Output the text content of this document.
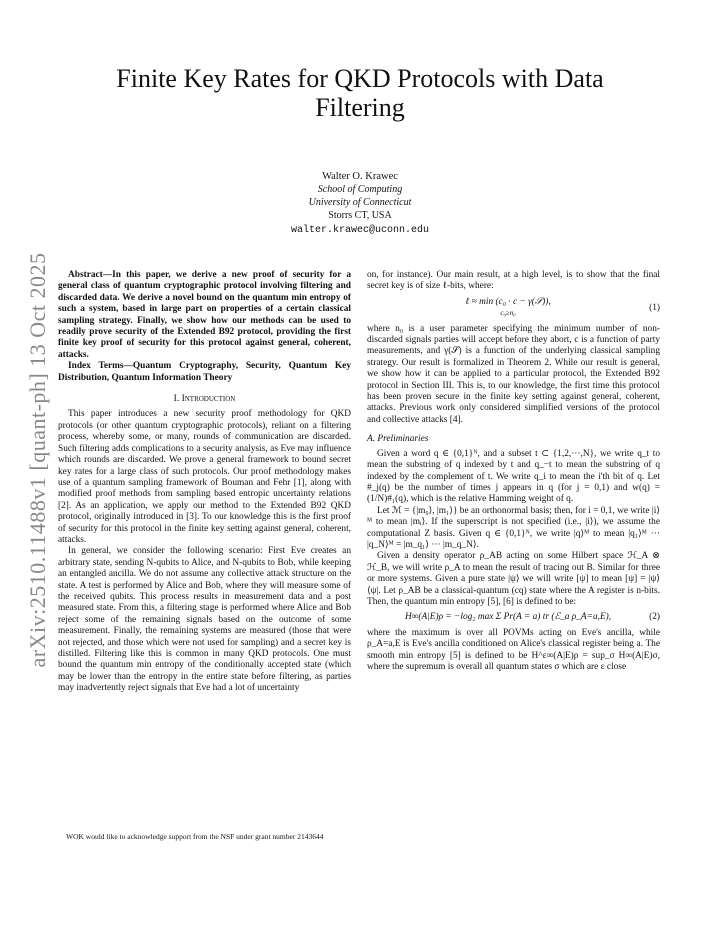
arXiv:2510.11488v1 [quant-ph] 13 Oct 2025
Finite Key Rates for QKD Protocols with Data Filtering
Walter O. Krawec
School of Computing
University of Connecticut
Storrs CT, USA
walter.krawec@uconn.edu

Abstract—In this paper, we derive a new proof of security for a general class of quantum cryptographic protocol involving filtering and discarded data. We derive a novel bound on the quantum min entropy of such a system, based in large part on properties of a certain classical sampling strategy. Finally, we show how our methods can be used to readily prove security of the Extended B92 protocol, providing the first finite key proof of security for this protocol against general, coherent, attacks.

Index Terms—Quantum Cryptography, Security, Quantum Key Distribution, Quantum Information Theory

I. Introduction

This paper introduces a new security proof methodology for QKD protocols (or other quantum cryptographic protocols), reliant on a filtering process, whereby some, or many, rounds of communication are discarded. Such filtering adds complications to a security analysis, as Eve may influence which rounds are discarded. We prove a general framework to bound secret key rates for a large class of such protocols. Our proof methodology makes use of a quantum sampling framework of Bouman and Fehr [1], along with modified proof methods from sampling based entropic uncertainty relations [2]. As an application, we apply our method to the Extended B92 QKD protocol, originally introduced in [3]. To our knowledge this is the first proof of security for this protocol in the finite key setting against general, coherent, attacks.

In general, we consider the following scenario: First Eve creates an arbitrary state, sending N-qubits to Alice, and N-qubits to Bob, while keeping an entangled ancilla. We do not assume any collective attack structure on the state. A test is performed by Alice and Bob, where they will measure some of the received qubits. This process results in measurement data and a post measured state. From this, a filtering stage is performed where Alice and Bob reject some of the remaining signals based on the outcome of some measurement. Finally, the remaining systems are measured (those that were not rejected, and those which were not used for sampling) and a secret key is distilled. Filtering like this is common in many QKD protocols. One must bound the quantum min entropy of the conditionally accepted state (which may be lower than the entropy in the entire state before filtering, as parties may inadvertently reject signals that Eve had a lot of uncertainty

WOK would like to acknowledge support from the NSF under grant number 2143644

on, for instance). Our main result, at a high level, is to show that the final secret key is of size ℓ-bits, where:

ℓ ≈ min (c₀ · c − γ(𝒮)),
c₀≥n₀
(1)

where n₀ is a user parameter specifying the minimum number of non-discarded signals parties will accept before they abort, c is a function of party measurements, and γ(𝒮) is a function of the underlying classical sampling strategy. Our result is formalized in Theorem 2. While our result is general, we show how it can be applied to a particular protocol, the Extended B92 protocol in Section III. This is, to our knowledge, the first time this protocol has been proven secure in the finite key setting against general, coherent, attacks. Previous work only considered simplified versions of the protocol and collective attacks [4].

A. Preliminaries

Given a word q ∈ {0,1}ᴺ, and a subset t ⊂ {1,2,···,N}, we write q_t to mean the substring of q indexed by t and q_−t to mean the substring of q indexed by the complement of t. We write q_i to mean the i'th bit of q. Let #_j(q) be the number of times j appears in q (for j = 0,1) and w(q) = (1/N)#₁(q), which is the relative Hamming weight of q.

Let ℳ = {|m₀⟩, |m₁⟩} be an orthonormal basis; then, for i = 0,1, we write |i⟩ᴹ to mean |mᵢ⟩. If the superscript is not specified (i.e., |i⟩), we assume the computational Z basis. Given q ∈ {0,1}ᴺ, we write |q⟩ᴹ to mean |q₁⟩ᴹ ··· |q_N⟩ᴹ = |m_q₁⟩ ··· |m_q_N⟩.

Given a density operator ρ_AB acting on some Hilbert space ℋ_A ⊗ ℋ_B, we will write ρ_A to mean the result of tracing out B. Similar for three or more systems. Given a pure state |ψ⟩ we will write [ψ] to mean [ψ] = |ψ⟩⟨ψ|. Let ρ_AB be a classical-quantum (cq) state where the A register is n-bits. Then, the quantum min entropy [5], [6] is defined to be:

H∞(A|E)ρ = −log₂ max Σ Pr(A = a) tr (ℰ_a ρ_A=a,E),	(2)

where the maximum is over all POVMs acting on Eve's ancilla, while ρ_A=a,E is Eve's ancilla conditioned on Alice's classical register being a. The smooth min entropy [5] is defined to be H^ε∞(A|E)ρ = sup_σ H∞(A|E)σ, where the supremum is overall all quantum states σ which are ε close
